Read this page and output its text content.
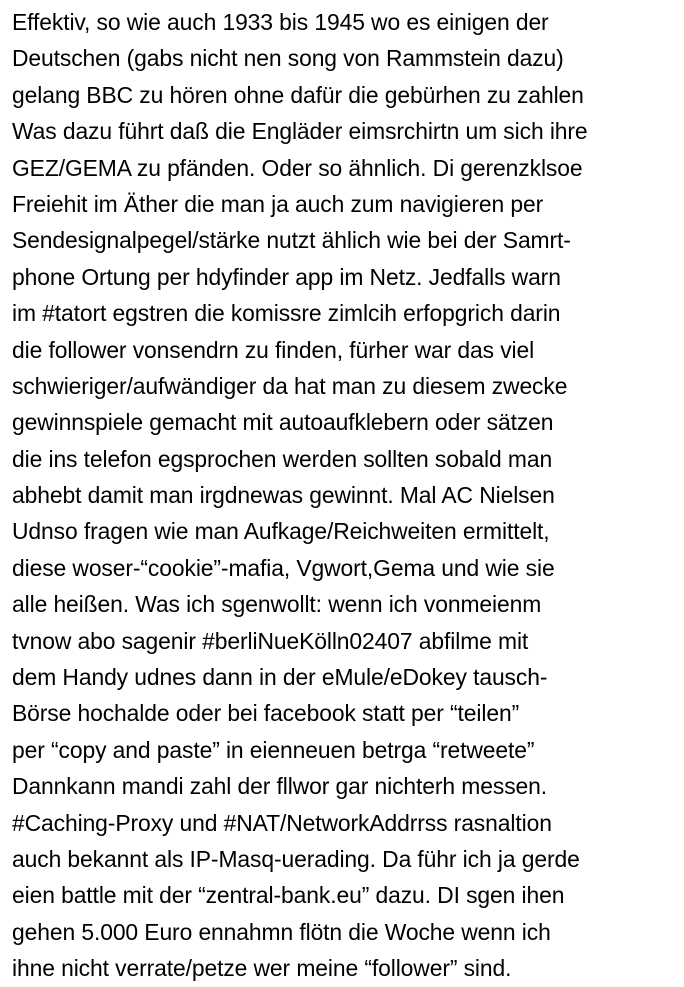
Effektiv, so wie auch 1933 bis 1945 wo es einigen der
Deutschen (gabs nicht nen song von Rammstein dazu)
gelang BBC zu hören ohne dafür die gebürhen zu zahlen
Was dazu führt daß die Engläder eimsrchirtn um sich ihre
GEZ/GEMA zu pfänden. Oder so ähnlich. Di gerenzklsoe
Freiehit im Äther die man ja auch zum navigieren per
Sendesignalpegel/stärke nutzt ählich wie bei der Samrt-
phone Ortung per hdyfinder app im Netz. Jedfalls warn
im #tatort egstren die komissre zimlcih erfopgrich darin
die follower vonsendrn zu finden, fürher war das viel
schwieriger/aufwändiger da hat man zu diesem zwecke
gewinnspiele gemacht mit autoaufklebern oder sätzen
die ins telefon egsprochen werden sollten sobald man
abhebt damit man irgdnewas gewinnt. Mal AC Nielsen
Udnso fragen wie man Aufkage/Reichweiten ermittelt,
diese woser-“cookie”-mafia, Vgwort,Gema und wie sie
alle heißen. Was ich sgenwollt: wenn ich vonmeienm
tvnow abo sagenir #berliNueKölln02407 abfilme mit
dem Handy udnes dann in der eMule/eDokey tausch-
Börse hochalde oder bei facebook statt per “teilen”
per “copy and paste” in eienneuen betrga “retweete”
Dannkann mandi zahl der fllwor gar nichterh messen.
#Caching-Proxy und #NAT/NetworkAddrrss rasnaltion
auch bekannt als IP-Masq-uerading. Da führ ich ja gerde
eien battle mit der “zentral-bank.eu” dazu. DI sgen ihen
gehen 5.000 Euro ennahmn flötn die Woche wenn ich
ihne nicht verrate/petze wer meine “follower” sind.
